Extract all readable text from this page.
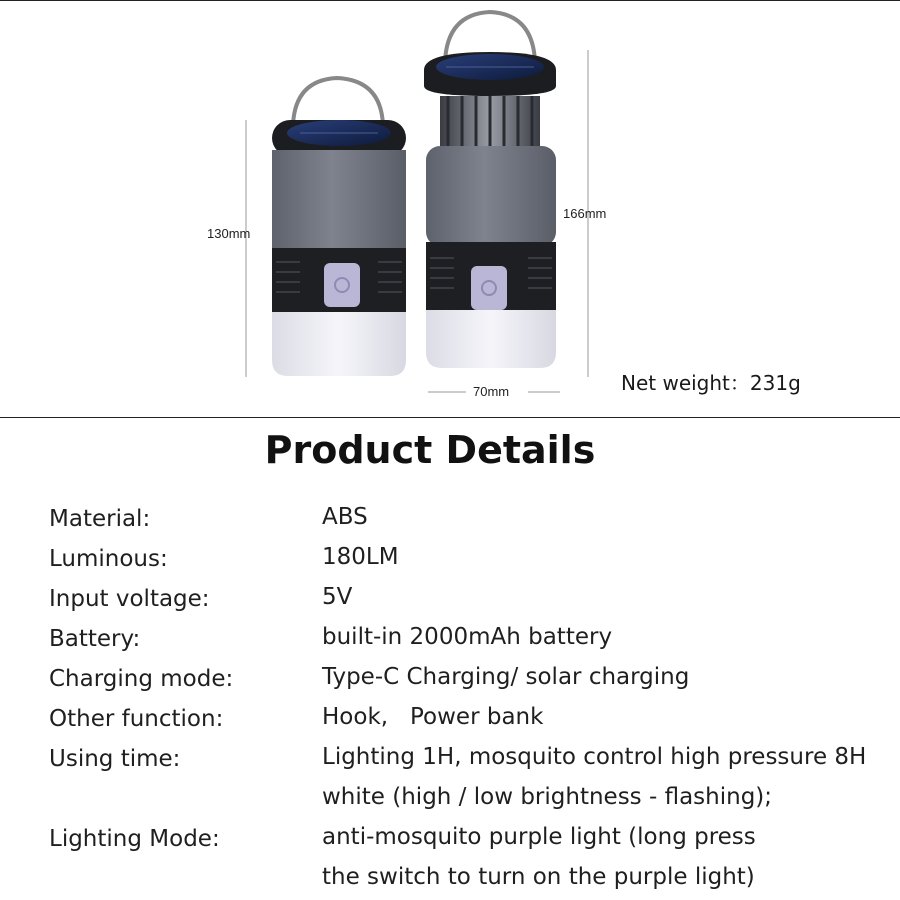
130mm
166mm
70mm	Net weight：231g
Product Details
Material:	ABS
Luminous:	180LM
Input voltage:	5V
Battery:	built-in 2000mAh battery
Charging mode:	Type-C Charging/ solar charging
Other function:	Hook,   Power bank
Using time:	Lighting 1H, mosquito control high pressure 8H
white (high / low brightness - flashing);
Lighting Mode:	anti-mosquito purple light (long press
the switch to turn on the purple light)
